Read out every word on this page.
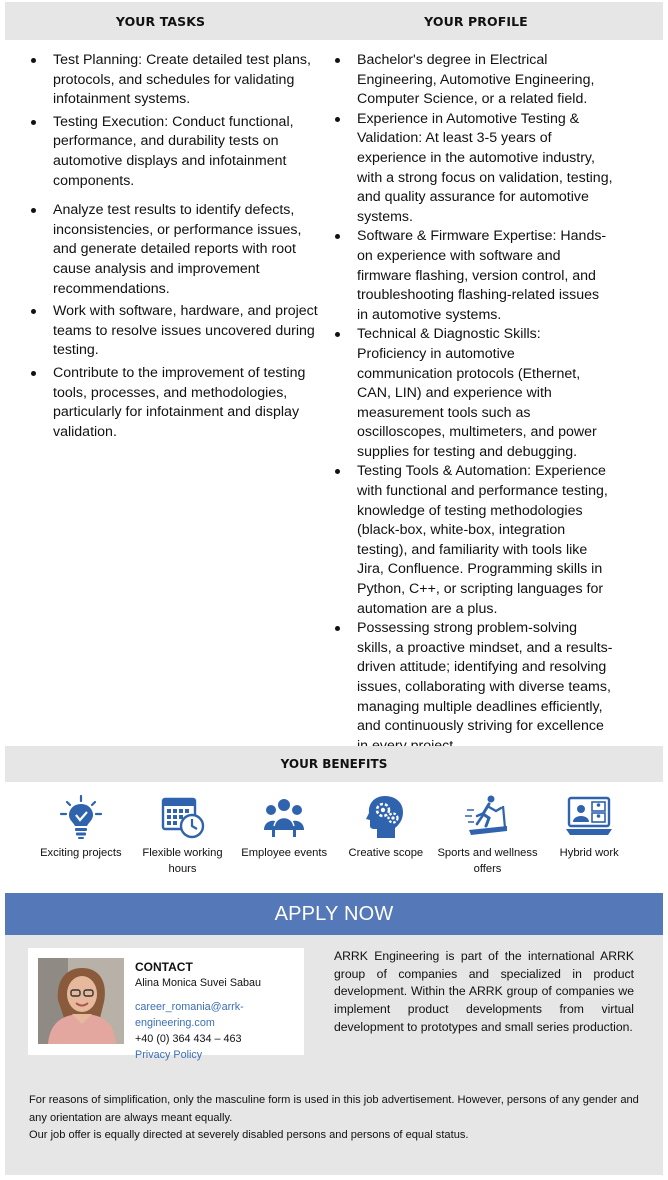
YOUR TASKS	YOUR PROFILE
Test Planning: Create detailed test plans, protocols, and schedules for validating infotainment systems.
Testing Execution: Conduct functional, performance, and durability tests on automotive displays and infotainment components.
Analyze test results to identify defects, inconsistencies, or performance issues, and generate detailed reports with root cause analysis and improvement recommendations.
Work with software, hardware, and project teams to resolve issues uncovered during testing.
Contribute to the improvement of testing tools, processes, and methodologies, particularly for infotainment and display validation.
Bachelor's degree in Electrical Engineering, Automotive Engineering, Computer Science, or a related field.
Experience in Automotive Testing & Validation: At least 3-5 years of experience in the automotive industry, with a strong focus on validation, testing, and quality assurance for automotive systems.
Software & Firmware Expertise: Hands-on experience with software and firmware flashing, version control, and troubleshooting flashing-related issues in automotive systems.
Technical & Diagnostic Skills: Proficiency in automotive communication protocols (Ethernet, CAN, LIN) and experience with measurement tools such as oscilloscopes, multimeters, and power supplies for testing and debugging.
Testing Tools & Automation: Experience with functional and performance testing, knowledge of testing methodologies (black-box, white-box, integration testing), and familiarity with tools like Jira, Confluence. Programming skills in Python, C++, or scripting languages for automation are a plus.
Possessing strong problem-solving skills, a proactive mindset, and a results-driven attitude; identifying and resolving issues, collaborating with diverse teams, managing multiple deadlines efficiently, and continuously striving for excellence
YOUR BENEFITS
Exciting projects	Flexible working hours
Employee events	Creative scope	Sports and wellness offers
Hybrid work
APPLY NOW
CONTACT
Alina Monica Suvei Sabau
career_romania@arrk-engineering.com
+40 (0) 364 434 – 463
Privacy Policy
ARRK Engineering is part of the international ARRK group of companies and specialized in product development. Within the ARRK group of companies we implement product developments from virtual development to prototypes and small series production.
For reasons of simplification, only the masculine form is used in this job advertisement. However, persons of any gender and any orientation are always meant equally.
Our job offer is equally directed at severely disabled persons and persons of equal status.
